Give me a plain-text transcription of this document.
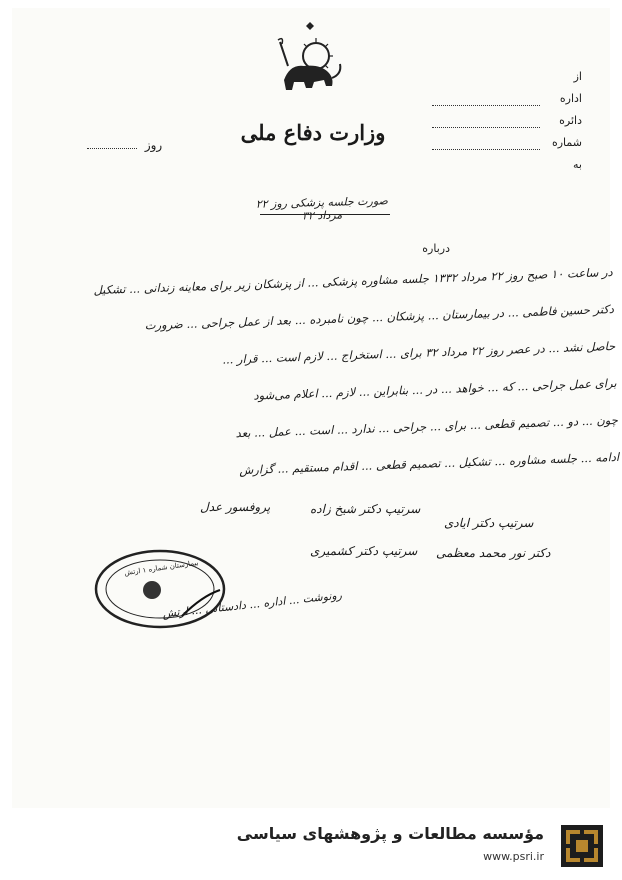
وزارت دفاع ملی
روز
از
اداره
دائره
شماره
به
صورت جلسه پزشکی روز ۲۲ مرداد ۳۲
درباره

در ساعت ۱۰ صبح روز ۲۲ مرداد ۱۳۳۲ جلسه مشاوره پزشکی ... از پزشکان زیر برای معاینه زندانی ... تشکیل

دکتر حسین فاطمی ... در بیمارستان ... پزشکان ... چون نامبرده ... بعد از عمل جراحی ... ضرورت

حاصل نشد ... در عصر روز ۲۲ مرداد ۳۲ برای ... استخراج ... لازم است ... قرار ...

برای عمل جراحی ... که ... خواهد ... در ... بنابراین ... لازم ... اعلام می‌شود

چون ... دو ... تصمیم قطعی ... برای ... جراحی ... ندارد ... است ... عمل ... بعد

ادامه ... جلسه مشاوره ... تشکیل ... تصمیم قطعی ... اقدام مستقیم ... گزارش

پروفسور عدل	سرتیپ دکتر شیخ زاده
سرتیپ دکتر ایادی
سرتیپ دکتر کشمیری دکتر نور محمد معظمی
بیمارستان شماره ۱ ارتش
رونوشت ... اداره ... دادستانی ... ارتش
مؤسسه مطالعات و پژوهشهای سیاسی
www.psri.ir
